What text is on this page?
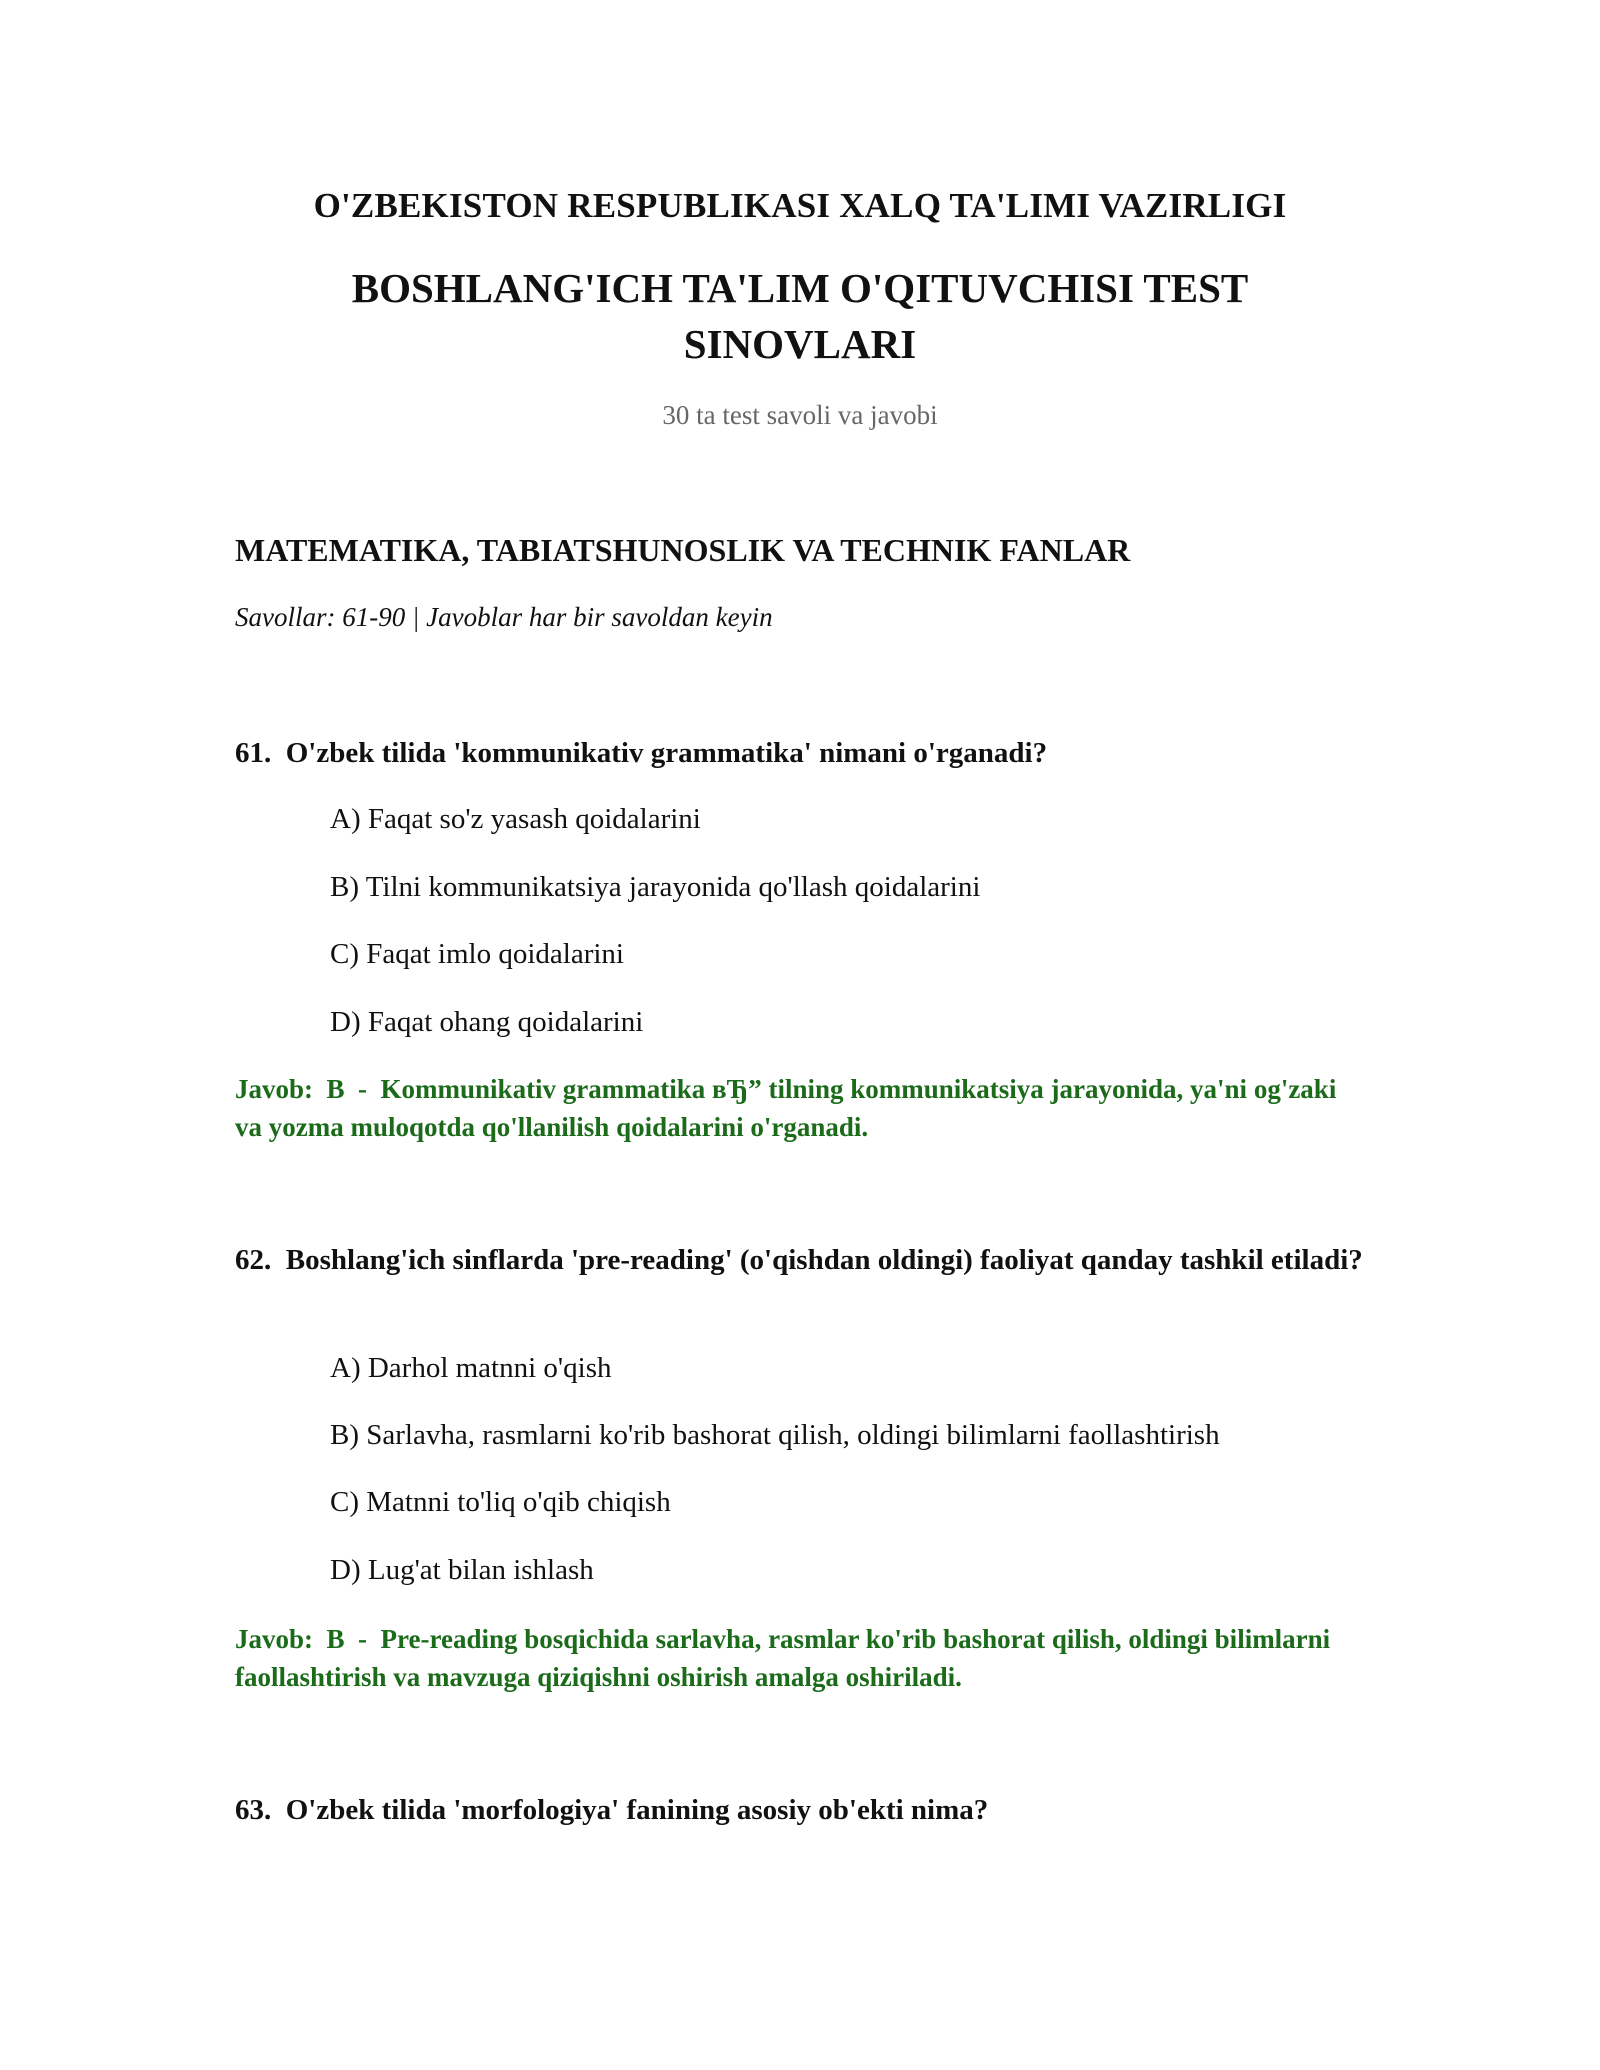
O'ZBEKISTON RESPUBLIKASI XALQ TA'LIMI VAZIRLIGI
BOSHLANG'ICH TA'LIM O'QITUVCHISI TEST
SINOVLARI
30 ta test savoli va javobi
MATEMATIKA, TABIATSHUNOSLIK VA TECHNIK FANLAR
Savollar: 61-90 | Javoblar har bir savoldan keyin
61. O'zbek tilida 'kommunikativ grammatika' nimani o'rganadi?
A) Faqat so'z yasash qoidalarini
B) Tilni kommunikatsiya jarayonida qo'llash qoidalarini
C) Faqat imlo qoidalarini
D) Faqat ohang qoidalarini
Javob: B  -  Kommunikativ grammatika вЂ” tilning kommunikatsiya jarayonida, ya'ni og'zaki va yozma muloqotda qo'llanilish qoidalarini o'rganadi.
62. Boshlang'ich sinflarda 'pre-reading' (o'qishdan oldingi) faoliyat qanday tashkil etiladi?
A) Darhol matnni o'qish
B) Sarlavha, rasmlarni ko'rib bashorat qilish, oldingi bilimlarni faollashtirish
C) Matnni to'liq o'qib chiqish
D) Lug'at bilan ishlash
Javob: B  -  Pre-reading bosqichida sarlavha, rasmlar ko'rib bashorat qilish, oldingi bilimlarni faollashtirish va mavzuga qiziqishni oshirish amalga oshiriladi.
63. O'zbek tilida 'morfologiya' fanining asosiy ob'ekti nima?
